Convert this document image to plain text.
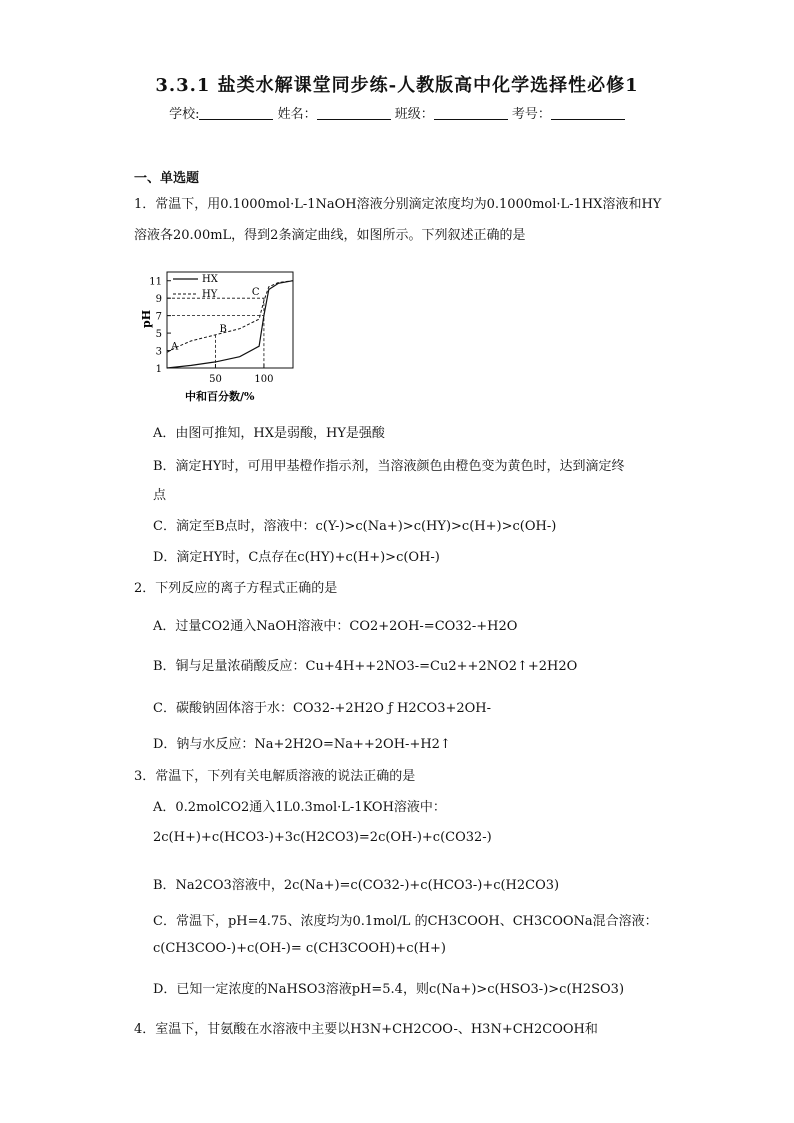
3.3.1 盐类水解课堂同步练-人教版高中化学选择性必修1
学校:	姓名：	班级：	考号：
一、单选题
1．常温下，用0.1000mol·L-1NaOH溶液分别滴定浓度均为0.1000mol·L-1HX溶液和HY
溶液各20.00mL，得到2条滴定曲线，如图所示。下列叙述正确的是
1
3
5
7
9
11
50	100
A
B
C
HX
HY
pH
中和百分数/%
A．由图可推知，HX是弱酸，HY是强酸
B．滴定HY时，可用甲基橙作指示剂，当溶液颜色由橙色变为黄色时，达到滴定终
点
C．滴定至B点时，溶液中：c(Y-)>c(Na+)>c(HY)>c(H+)>c(OH-)
D．滴定HY时，C点存在c(HY)+c(H+)>c(OH-)
2．下列反应的离子方程式正确的是
A．过量CO2通入NaOH溶液中：CO2+2OH-=CO32-+H2O
B．铜与足量浓硝酸反应：Cu+4H++2NO3-=Cu2++2NO2↑+2H2O
C．碳酸钠固体溶于水：CO32-+2H2O ƒ H2CO3+2OH-
D．钠与水反应：Na+2H2O=Na++2OH-+H2↑
3．常温下，下列有关电解质溶液的说法正确的是
A．0.2molCO2通入1L0.3mol·L-1KOH溶液中：
2c(H+)+c(HCO3-)+3c(H2CO3)=2c(OH-)+c(CO32-)
B．Na2CO3溶液中，2c(Na+)=c(CO32-)+c(HCO3-)+c(H2CO3)
C．常温下，pH=4.75、浓度均为0.1mol/L 的CH3COOH、CH3COONa混合溶液：
c(CH3COO-)+c(OH-)= c(CH3COOH)+c(H+)
D．已知一定浓度的NaHSO3溶液pH=5.4，则c(Na+)>c(HSO3-)>c(H2SO3)
4．室温下，甘氨酸在水溶液中主要以H3N+CH2COO-、H3N+CH2COOH和
